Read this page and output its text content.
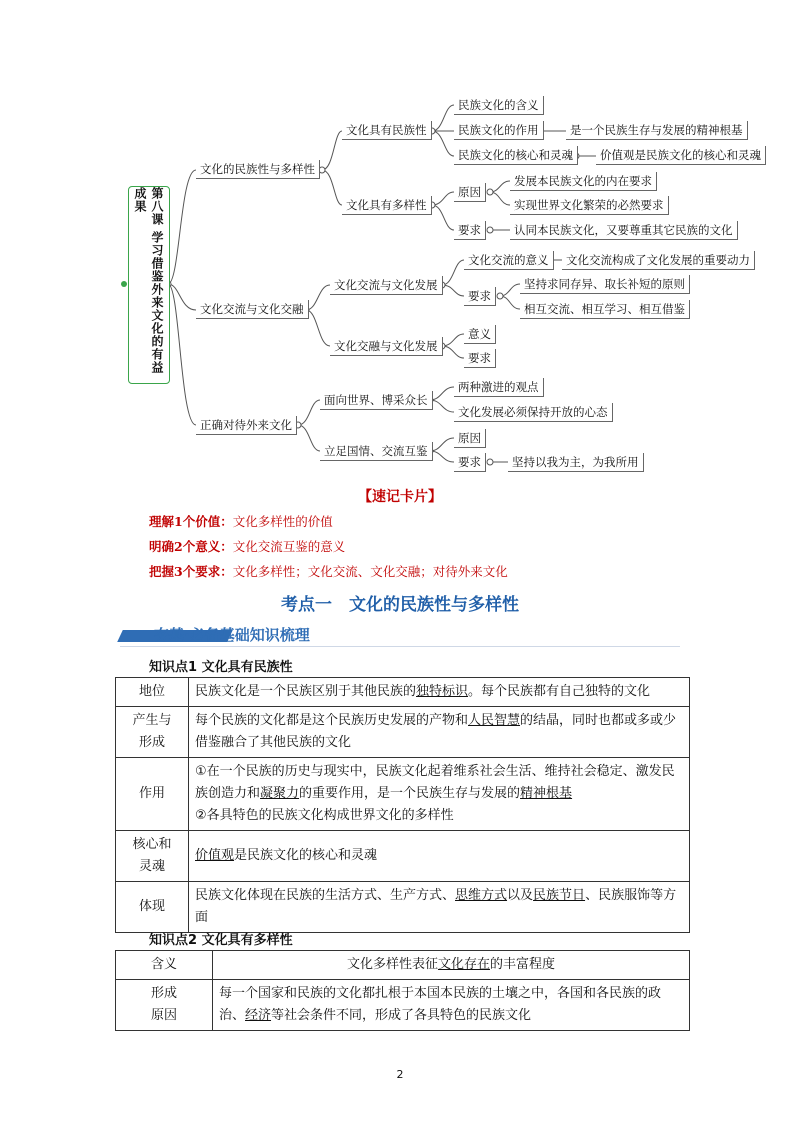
第八课 学习借鉴外来文化的有益成果
文化的民族性与多样性
文化具有民族性
民族文化的含义
民族文化的作用	是一个民族生存与发展的精神根基
民族文化的核心和灵魂	价值观是民族文化的核心和灵魂
文化具有多样性
原因
发展本民族文化的内在要求
实现世界文化繁荣的必然要求
要求	认同本民族文化，又要尊重其它民族的文化
文化交流与文化交融
文化交流与文化发展
文化交流的意义	文化交流构成了文化发展的重要动力
要求
坚持求同存异、取长补短的原则
相互交流、相互学习、相互借鉴
文化交融与文化发展
意义
要求
正确对待外来文化
面向世界、博采众长
两种激进的观点
文化发展必须保持开放的心态
立足国情、交流互鉴
原因
要求	坚持以我为主，为我所用
【速记卡片】
理解1个价值：文化多样性的价值
明确2个意义：文化交流互鉴的意义
把握3个要求：文化多样性；文化交流、文化交融；对待外来文化
考点一　文化的民族性与多样性
夯基·必备基础知识梳理
知识点1 文化具有民族性
地位	民族文化是一个民族区别于其他民族的独特标识。每个民族都有自己独特的文化
产生与
形成	每个民族的文化都是这个民族历史发展的产物和人民智慧的结晶，同时也都或多或少借鉴融合了其他民族的文化
作用	①在一个民族的历史与现实中，民族文化起着维系社会生活、维持社会稳定、激发民族创造力和凝聚力的重要作用，是一个民族生存与发展的精神根基
②各具特色的民族文化构成世界文化的多样性
核心和
灵魂	价值观是民族文化的核心和灵魂
体现	民族文化体现在民族的生活方式、生产方式、思维方式以及民族节日、民族服饰等方面
知识点2 文化具有多样性
含义	文化多样性表征文化存在的丰富程度
形成
原因	每一个国家和民族的文化都扎根于本国本民族的土壤之中，各国和各民族的政治、经济等社会条件不同，形成了各具特色的民族文化
2
